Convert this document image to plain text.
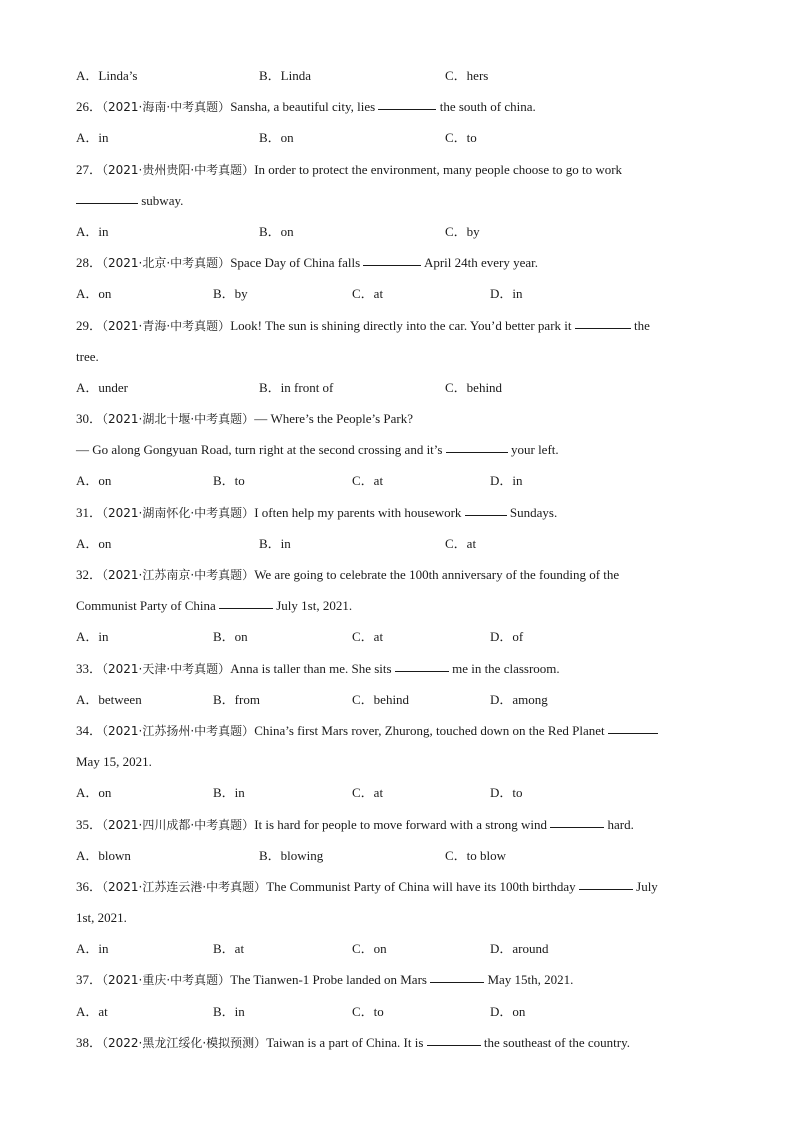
A．Linda’s	B．Linda	C．hers
26．（2021·海南·中考真题）Sansha, a beautiful city, lies	the south of china.
A．in	B．on	C．to
27．（2021·贵州贵阳·中考真题）In order to protect the environment, many people choose to go to work
subway.
A．in	B．on	C．by
28．（2021·北京·中考真题）Space Day of China falls	April 24th every year.
A．on	B．by	C．at	D．in
29．（2021·青海·中考真题）Look! The sun is shining directly into the car. You’d better park it	the
tree.
A．under	B．in front of	C．behind
30．（2021·湖北十堰·中考真题）— Where’s the People’s Park?
— Go along Gongyuan Road, turn right at the second crossing and it’s	your left.
A．on	B．to	C．at	D．in
31．（2021·湖南怀化·中考真题）I often help my parents with housework	Sundays.
A．on	B．in	C．at
32．（2021·江苏南京·中考真题）We are going to celebrate the 100th anniversary of the founding of the
Communist Party of China	July 1st, 2021.
A．in	B．on	C．at	D．of
33．（2021·天津·中考真题）Anna is taller than me. She sits	me in the classroom.
A．between	B．from	C．behind	D．among
34．（2021·江苏扬州·中考真题）China’s first Mars rover, Zhurong, touched down on the Red Planet
May 15, 2021.
A．on	B．in	C．at	D．to
35．（2021·四川成都·中考真题）It is hard for people to move forward with a strong wind	hard.
A．blown	B．blowing	C．to blow
36．（2021·江苏连云港·中考真题）The Communist Party of China will have its 100th birthday	July
1st, 2021.
A．in	B．at	C．on	D．around
37．（2021·重庆·中考真题）The Tianwen-1 Probe landed on Mars	May 15th, 2021.
A．at	B．in	C．to	D．on
38．（2022·黑龙江绥化·模拟预测）Taiwan is a part of China. It is	the southeast of the country.
